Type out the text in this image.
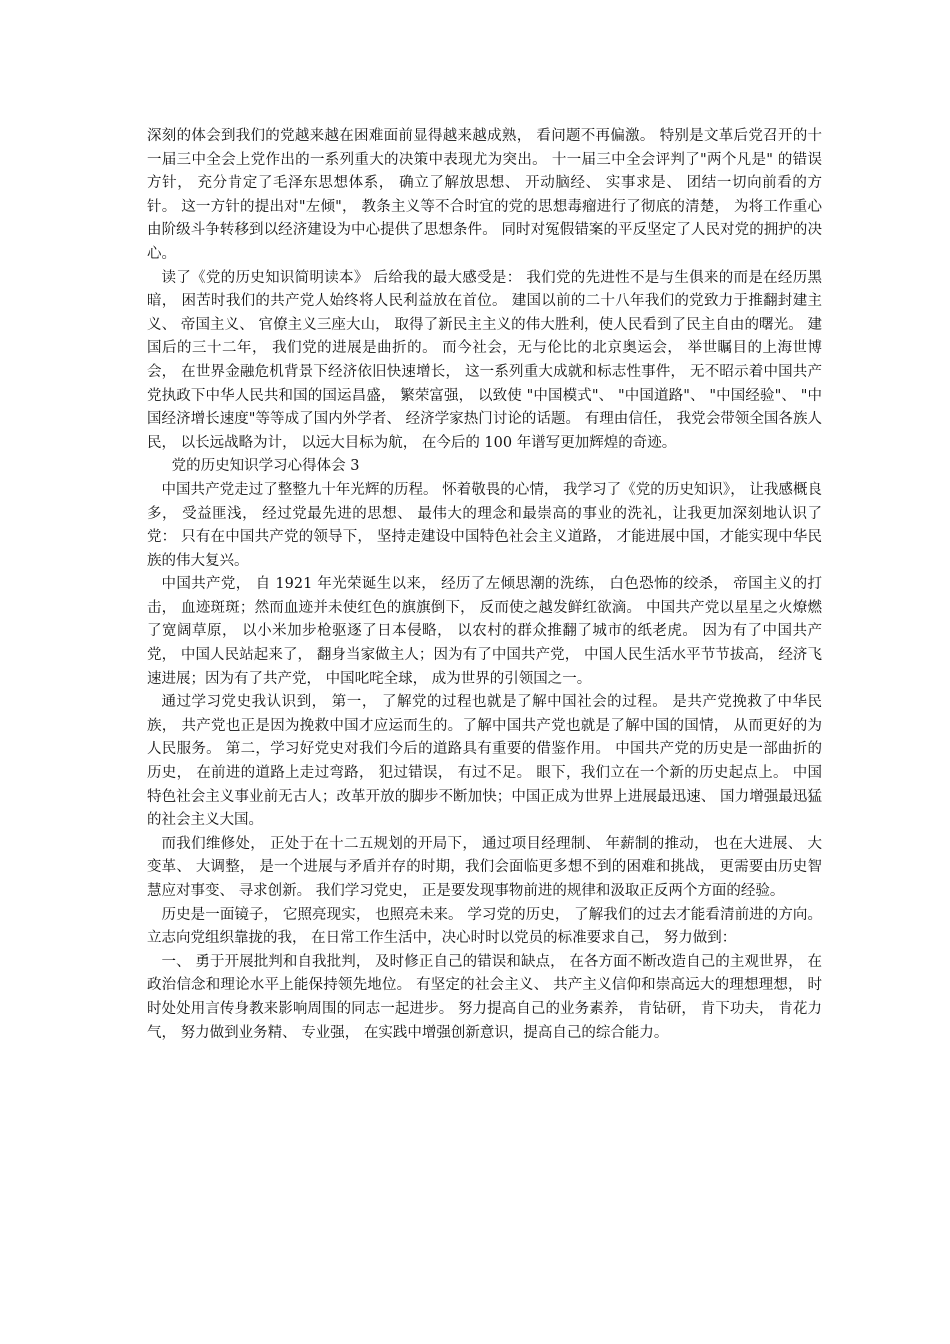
深刻的体会到我们的党越来越在困难面前显得越来越成熟， 看问题不再偏激。 特别是文革后党召开的十一届三中全会上党作出的一系列重大的决策中表现尤为突出。 十一届三中全会评判了"两个凡是" 的错误方针， 充分肯定了毛泽东思想体系， 确立了解放思想、 开动脑经、 实事求是、 团结一切向前看的方针。 这一方针的提出对"左倾"， 教条主义等不合时宜的党的思想毒瘤进行了彻底的清楚， 为将工作重心由阶级斗争转移到以经济建设为中心提供了思想条件。 同时对冤假错案的平反坚定了人民对党的拥护的决心。

读了《党的历史知识简明读本》 后给我的最大感受是： 我们党的先进性不是与生俱来的而是在经历黑暗， 困苦时我们的共产党人始终将人民利益放在首位。 建国以前的二十八年我们的党致力于推翻封建主义、 帝国主义、 官僚主义三座大山， 取得了新民主主义的伟大胜利，使人民看到了民主自由的曙光。 建国后的三十二年， 我们党的进展是曲折的。 而今社会，无与伦比的北京奥运会， 举世瞩目的上海世博会， 在世界金融危机背景下经济依旧快速增长， 这一系列重大成就和标志性事件， 无不昭示着中国共产党执政下中华人民共和国的国运昌盛， 繁荣富强， 以致使 "中国模式"、 "中国道路"、 "中国经验"、 "中国经济增长速度"等等成了国内外学者、 经济学家热门讨论的话题。 有理由信任， 我党会带领全国各族人民， 以长远战略为计， 以远大目标为航， 在今后的 100 年谱写更加辉煌的奇迹。

党的历史知识学习心得体会 3

中国共产党走过了整整九十年光辉的历程。 怀着敬畏的心情， 我学习了《党的历史知识》， 让我感概良多， 受益匪浅， 经过党最先进的思想、 最伟大的理念和最崇高的事业的洗礼，让我更加深刻地认识了党： 只有在中国共产党的领导下， 坚持走建设中国特色社会主义道路， 才能进展中国，才能实现中华民族的伟大复兴。

中国共产党， 自 1921 年光荣诞生以来， 经历了左倾思潮的洗练， 白色恐怖的绞杀， 帝国主义的打击， 血迹斑斑；然而血迹并未使红色的旗旗倒下， 反而使之越发鲜红欲滴。 中国共产党以星星之火燎燃了宽阔草原， 以小米加步枪驱逐了日本侵略， 以农村的群众推翻了城市的纸老虎。 因为有了中国共产党， 中国人民站起来了， 翻身当家做主人；因为有了中国共产党， 中国人民生活水平节节拔高， 经济飞速进展；因为有了共产党， 中国叱咤全球， 成为世界的引领国之一。

通过学习党史我认识到， 第一， 了解党的过程也就是了解中国社会的过程。 是共产党挽救了中华民族， 共产党也正是因为挽救中国才应运而生的。了解中国共产党也就是了解中国的国情， 从而更好的为人民服务。 第二，学习好党史对我们今后的道路具有重要的借鉴作用。 中国共产党的历史是一部曲折的历史， 在前进的道路上走过弯路， 犯过错误， 有过不足。 眼下，我们立在一个新的历史起点上。 中国特色社会主义事业前无古人；改革开放的脚步不断加快；中国正成为世界上进展最迅速、 国力增强最迅猛的社会主义大国。

而我们维修处， 正处于在十二五规划的开局下， 通过项目经理制、 年薪制的推动， 也在大进展、 大变革、 大调整， 是一个进展与矛盾并存的时期，我们会面临更多想不到的困难和挑战， 更需要由历史智慧应对事变、 寻求创新。 我们学习党史， 正是要发现事物前进的规律和汲取正反两个方面的经验。

历史是一面镜子， 它照亮现实， 也照亮未来。 学习党的历史， 了解我们的过去才能看清前进的方向。 立志向党组织靠拢的我， 在日常工作生活中，决心时时以党员的标准要求自己， 努力做到：

一、 勇于开展批判和自我批判， 及时修正自己的错误和缺点， 在各方面不断改造自己的主观世界， 在政治信念和理论水平上能保持领先地位。 有坚定的社会主义、 共产主义信仰和崇高远大的理想理想， 时时处处用言传身教来影响周围的同志一起进步。 努力提高自己的业务素养， 肯钻研， 肯下功夫， 肯花力气， 努力做到业务精、 专业强， 在实践中增强创新意识，提高自己的综合能力。
